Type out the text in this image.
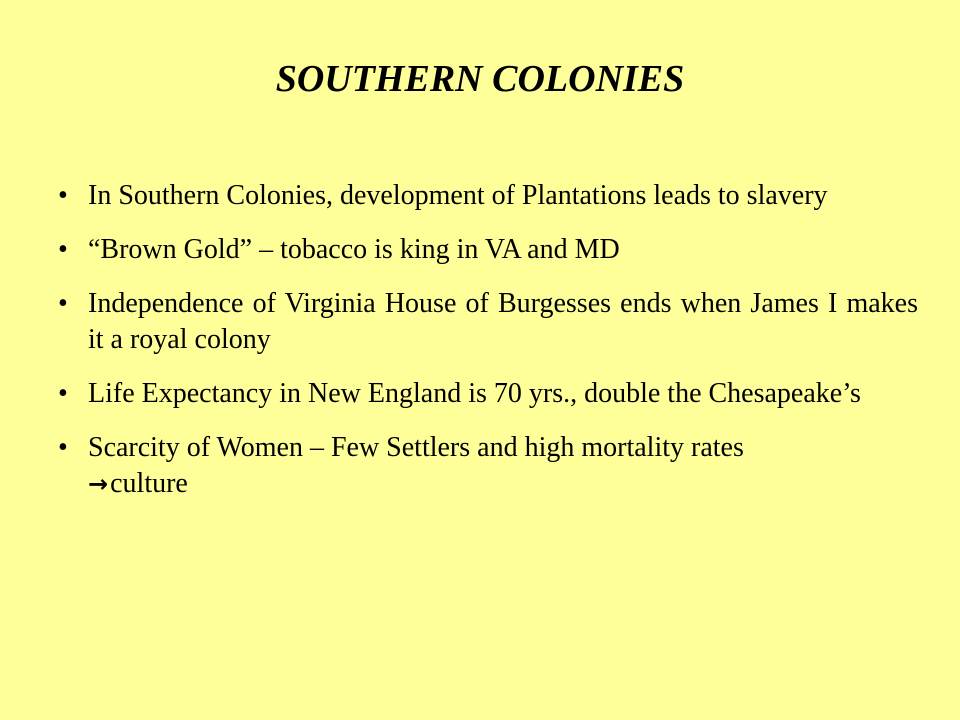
SOUTHERN COLONIES
• In Southern Colonies, development of Plantations leads to slavery
• “Brown Gold” – tobacco is king in VA and MD
• Independence of Virginia House of Burgesses ends when James I makes it a royal colony
• Life Expectancy in New England is 70 yrs., double the Chesapeake’s
• Scarcity of Women – Few Settlers and high mortality rates
→culture
